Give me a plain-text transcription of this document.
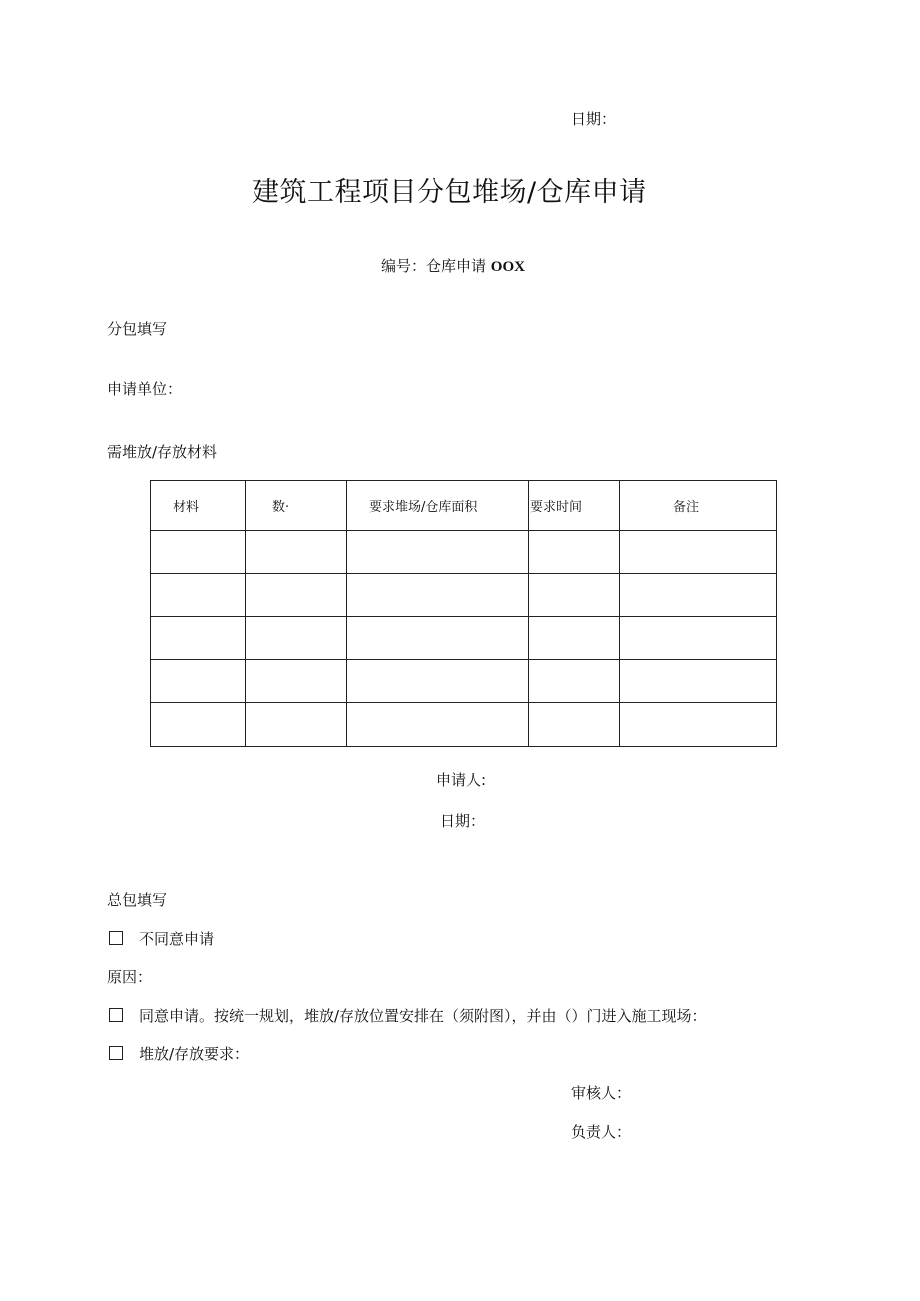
日期：
建筑工程项目分包堆场/仓库申请
编号：仓库申请 OOX
分包填写
申请单位：
需堆放/存放材料
材料	数·	要求堆场/仓库面积	要求时间	备注

申请人:
日期：
总包填写
不同意申请
原因：
同意申请。按统一规划，堆放/存放位置安排在（须附图），并由（）门进入施工现场：
堆放/存放要求：
审核人：
负责人：
